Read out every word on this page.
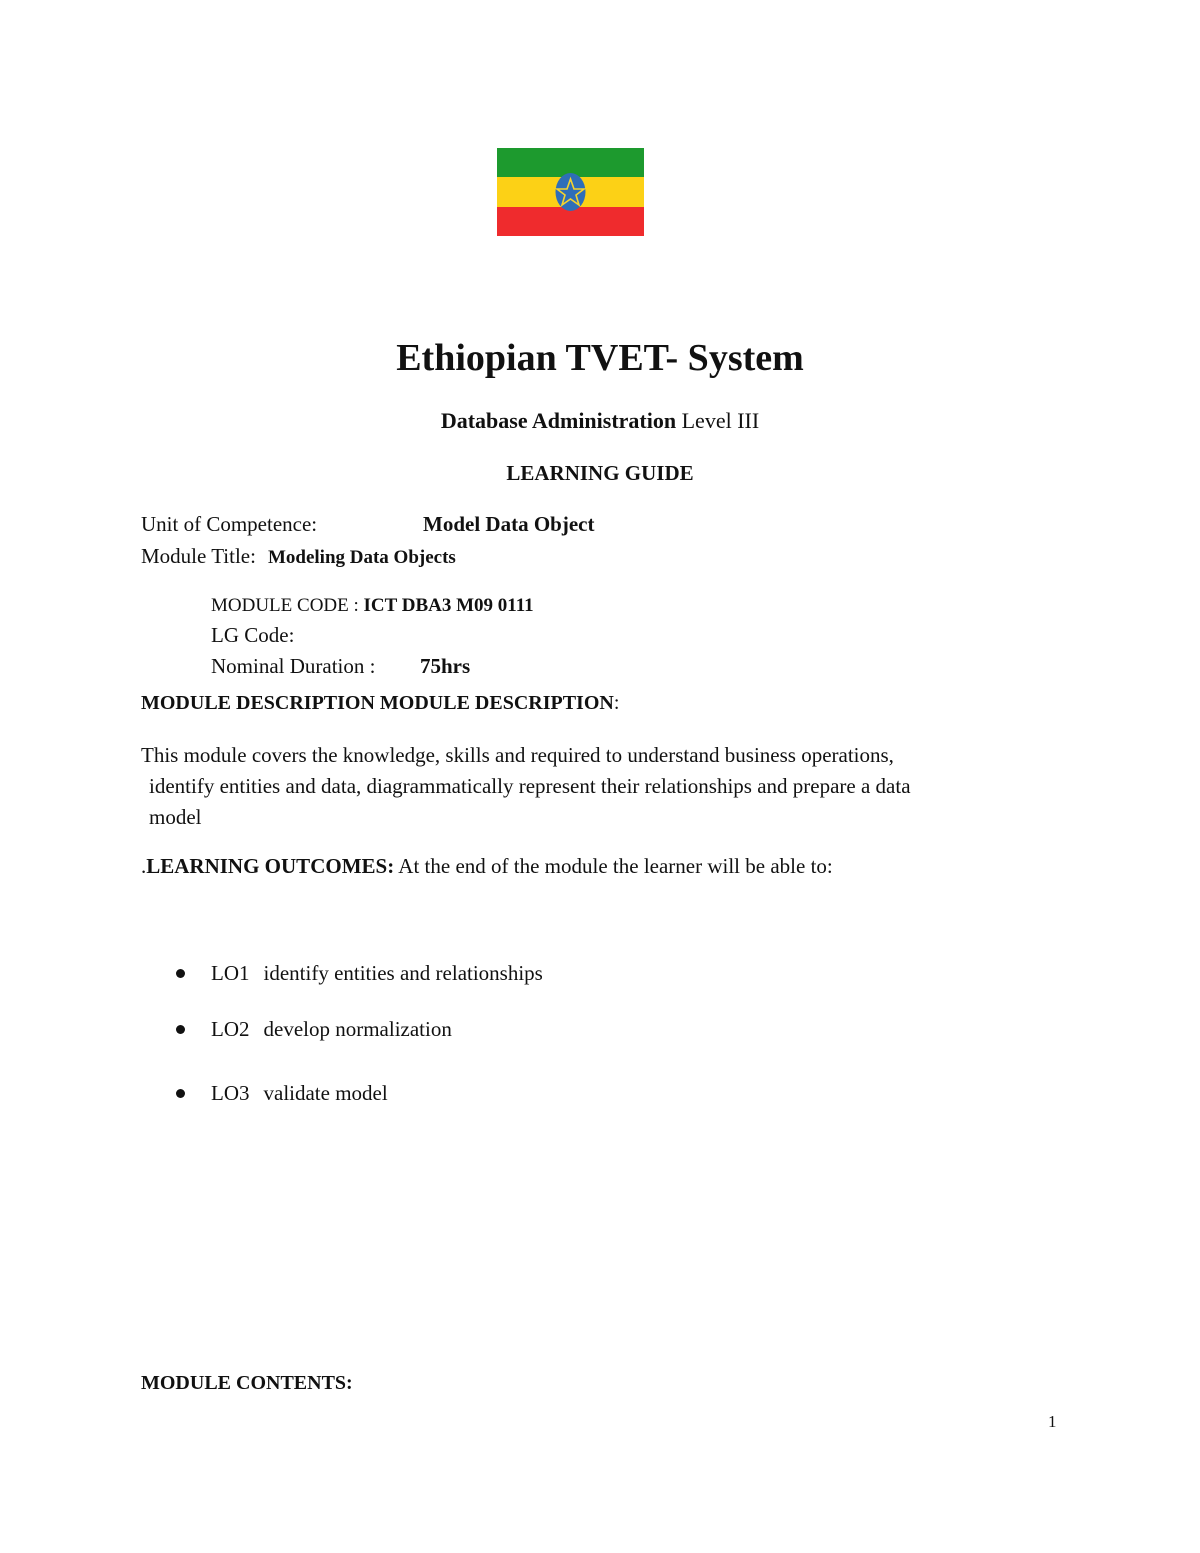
Ethiopian TVET- System
Database Administration Level III
LEARNING GUIDE
Unit of Competence:	Model Data Object
Module Title: Modeling Data Objects
MODULE CODE : ICT DBA3 M09 0111
LG Code:
Nominal Duration : 75hrs
MODULE DESCRIPTION MODULE DESCRIPTION:
This module covers the knowledge, skills and required to understand business operations,
identify entities and data, diagrammatically represent their relationships and prepare a data
model
.LEARNING OUTCOMES: At the end of the module the learner will be able to:
LO1 identify entities and relationships
LO2 develop normalization
LO3 validate model
MODULE CONTENTS:
1
